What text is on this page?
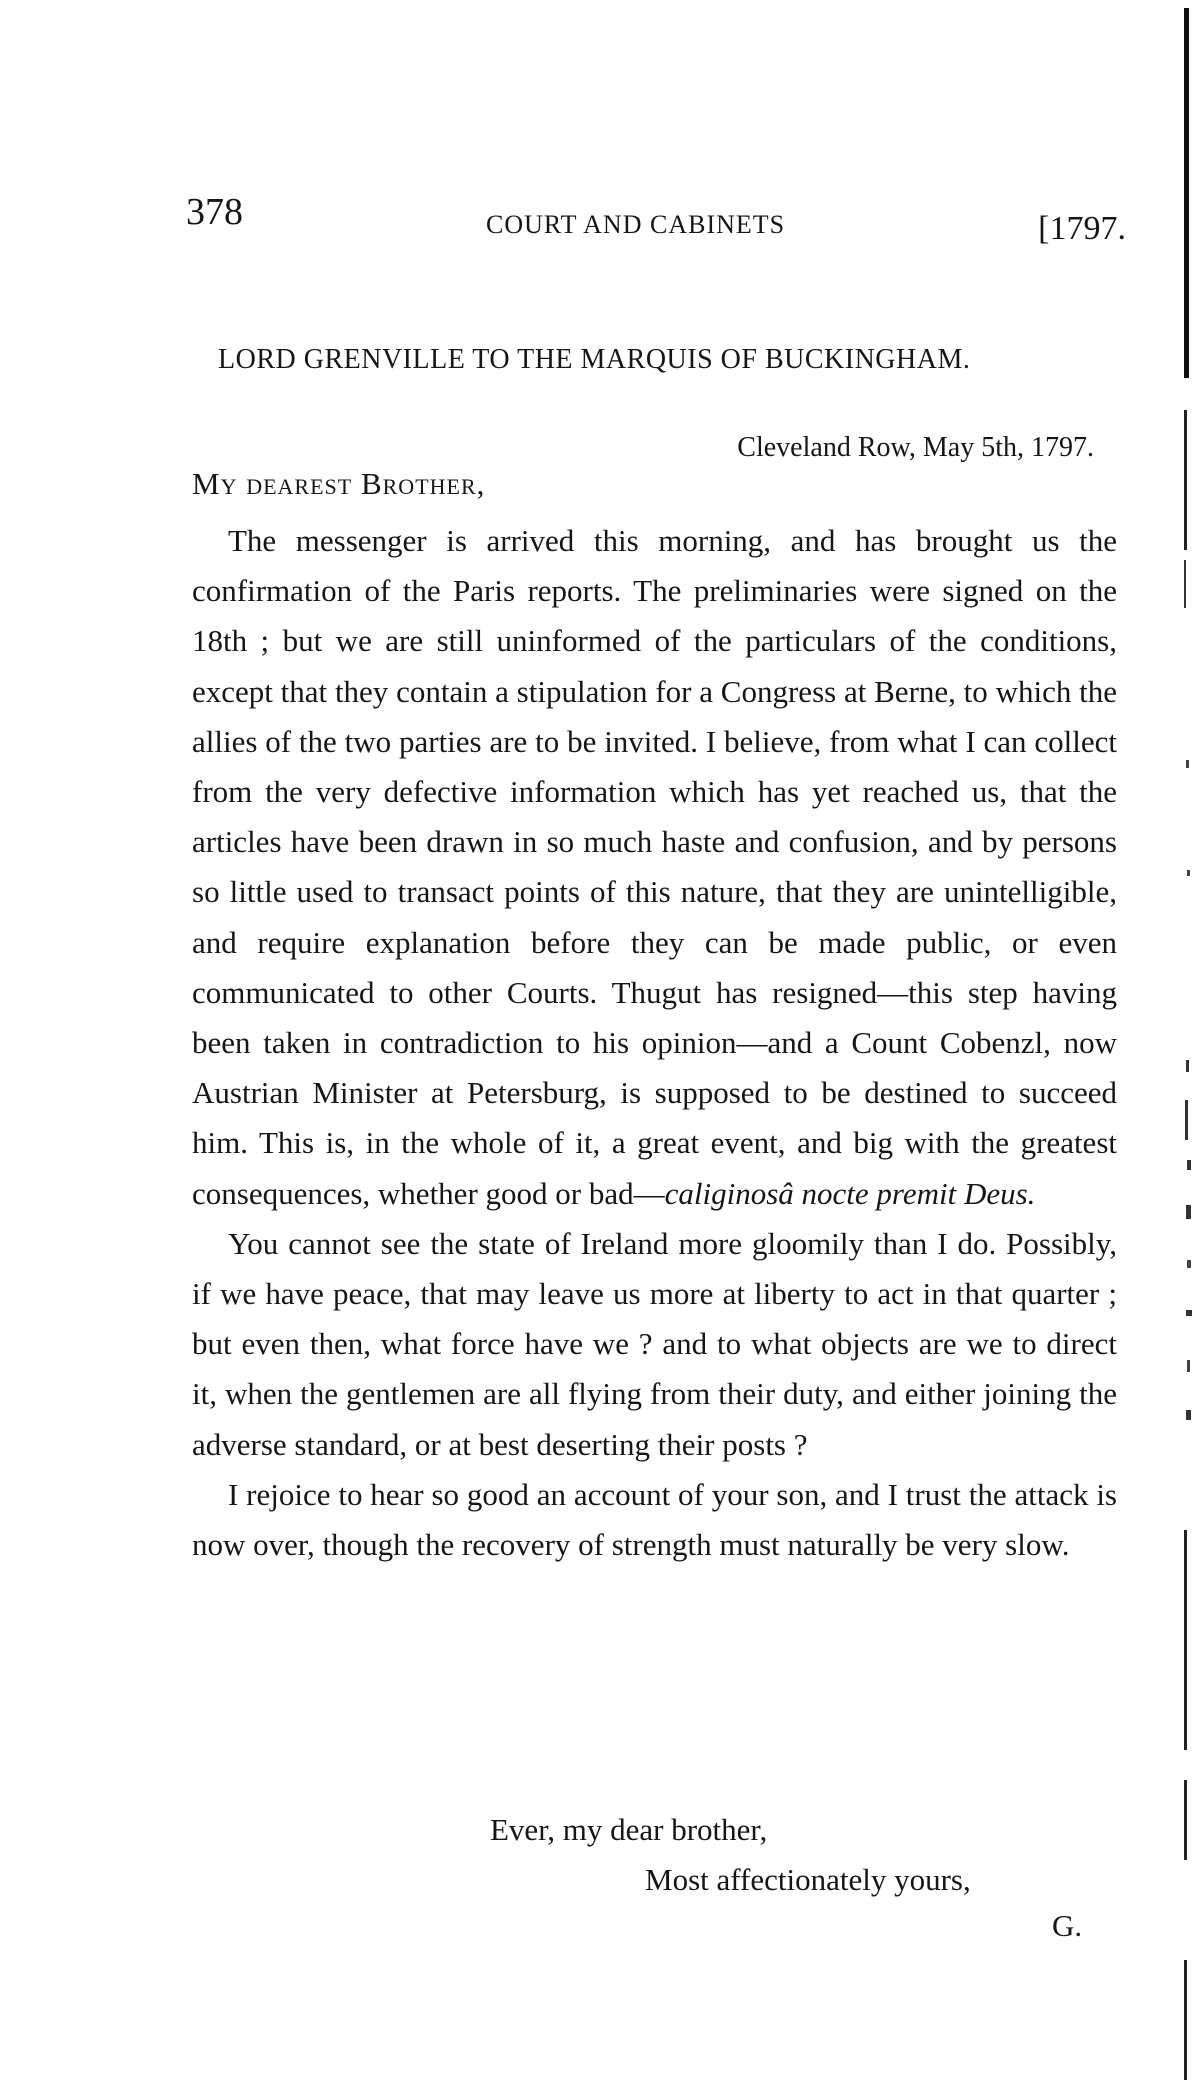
378	COURT AND CABINETS	[1797.
LORD GRENVILLE TO THE MARQUIS OF BUCKINGHAM.
Cleveland Row, May 5th, 1797.
My dearest Brother,

The messenger is arrived this morning, and has brought us the confirmation of the Paris reports. The preliminaries were signed on the 18th ; but we are still uninformed of the particulars of the conditions, except that they contain a stipulation for a Congress at Berne, to which the allies of the two parties are to be invited. I believe, from what I can collect from the very defective information which has yet reached us, that the articles have been drawn in so much haste and confusion, and by persons so little used to transact points of this nature, that they are unintelligible, and require explanation before they can be made public, or even communicated to other Courts. Thugut has resigned—this step having been taken in contradiction to his opinion—and a Count Cobenzl, now Austrian Minister at Petersburg, is supposed to be destined to succeed him. This is, in the whole of it, a great event, and big with the greatest consequences, whether good or bad—caliginosâ nocte premit Deus.

You cannot see the state of Ireland more gloomily than I do. Possibly, if we have peace, that may leave us more at liberty to act in that quarter ; but even then, what force have we ? and to what objects are we to direct it, when the gentlemen are all flying from their duty, and either joining the adverse standard, or at best deserting their posts ?

I rejoice to hear so good an account of your son, and I trust the attack is now over, though the recovery of strength must naturally be very slow.

Ever, my dear brother,
Most affectionately yours,
G.
